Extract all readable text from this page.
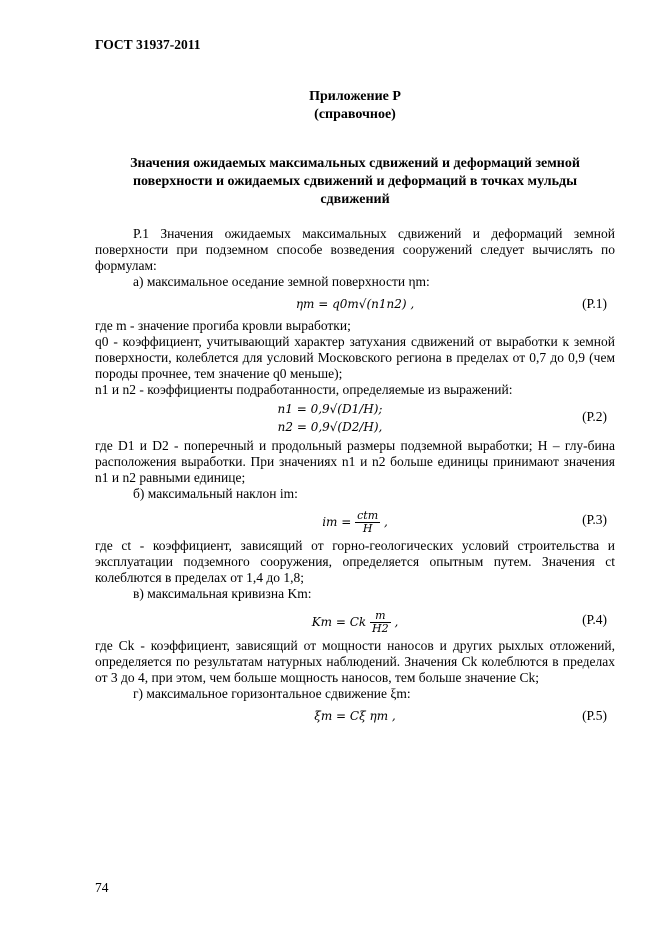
ГОСТ 31937-2011
Приложение Р
(справочное)
Значения ожидаемых максимальных сдвижений и деформаций земной
поверхности и ожидаемых сдвижений и деформаций в точках мульды
сдвижений

Р.1 Значения ожидаемых максимальных сдвижений и деформаций земной поверхности при подземном способе возведения сооружений следует вычислять по формулам:

а) максимальное оседание земной поверхности ηm:

ηm = q0m√(n1n2) ,	(Р.1)

где m - значение прогиба кровли выработки;

q0 - коэффициент, учитывающий характер затухания сдвижений от выработки к земной поверхности, колеблется для условий Московского региона в пределах от 0,7 до 0,9 (чем породы прочнее, тем значение q0 меньше);

n1 и n2 - коэффициенты подработанности, определяемые из выражений:

n1 = 0,9√(D1/H);
n2 = 0,9√(D2/H),
(Р.2)

где D1 и D2 - поперечный и продольный размеры подземной выработки; H – глу-бина расположения выработки. При значениях n1 и n2 больше единицы принимают значения n1 и n2 равными единице;

б) максимальный наклон im:

im = $\frac{\text{ctm}}{H}$ ,	(Р.3)

где ct - коэффициент, зависящий от горно-геологических условий строительства и эксплуатации подземного сооружения, определяется опытным путем. Значения ct колеблются в пределах от 1,4 до 1,8;

в) максимальная кривизна Km:

Km = Ck $\frac{m}{H2}$ ,	(Р.4)

где Ck - коэффициент, зависящий от мощности наносов и других рыхлых отложений, определяется по результатам натурных наблюдений. Значения Ck колеблются в пределах от 3 до 4, при этом, чем больше мощность наносов, тем больше значение Ck;

г) максимальное горизонтальное сдвижение ξm:

ξm = Cξ ηm ,	(Р.5)
74
